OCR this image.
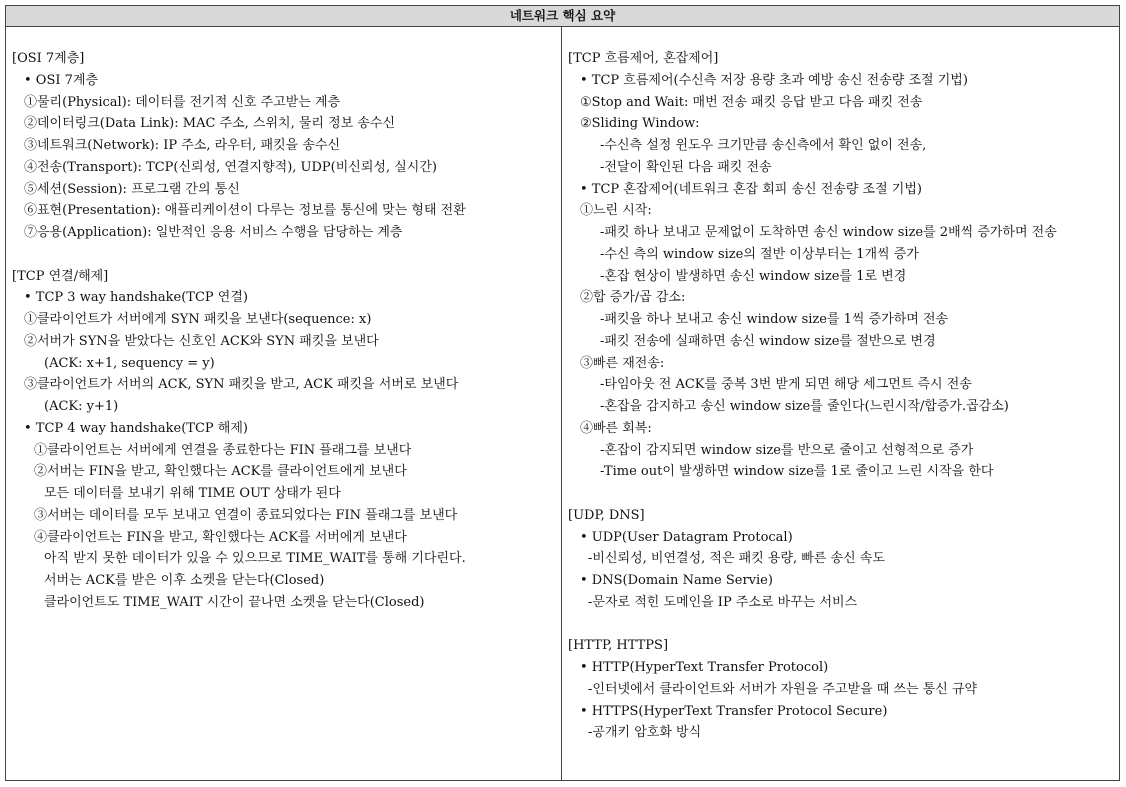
네트워크 핵심 요약
[OSI 7계층]
• OSI 7계층
①물리(Physical): 데이터를 전기적 신호 주고받는 계층
②데이터링크(Data Link): MAC 주소, 스위치, 물리 정보 송수신
③네트워크(Network): IP 주소, 라우터, 패킷을 송수신
④전송(Transport): TCP(신뢰성, 연결지향적), UDP(비신뢰성, 실시간)
⑤세션(Session): 프로그램 간의 통신
⑥표현(Presentation): 애플리케이션이 다루는 정보를 통신에 맞는 형태 전환
⑦응용(Application): 일반적인 응용 서비스 수행을 담당하는 계층
[TCP 연결/해제]
• TCP 3 way handshake(TCP 연결)
①클라이언트가 서버에게 SYN 패킷을 보낸다(sequence: x)
②서버가 SYN을 받았다는 신호인 ACK와 SYN 패킷을 보낸다
(ACK: x+1, sequency = y)
③클라이언트가 서버의 ACK, SYN 패킷을 받고, ACK 패킷을 서버로 보낸다
(ACK: y+1)
• TCP 4 way handshake(TCP 해제)
①클라이언트는 서버에게 연결을 종료한다는 FIN 플래그를 보낸다
②서버는 FIN을 받고, 확인했다는 ACK를 클라이언트에게 보낸다
모든 데이터를 보내기 위해 TIME OUT 상태가 된다
③서버는 데이터를 모두 보내고 연결이 종료되었다는 FIN 플래그를 보낸다
④클라이언트는 FIN을 받고, 확인했다는 ACK를 서버에게 보낸다
아직 받지 못한 데이터가 있을 수 있으므로 TIME_WAIT를 통해 기다린다.
서버는 ACK를 받은 이후 소켓을 닫는다(Closed)
클라이언트도 TIME_WAIT 시간이 끝나면 소켓을 닫는다(Closed)
[TCP 흐름제어, 혼잡제어]
• TCP 흐름제어(수신측 저장 용량 초과 예방 송신 전송량 조절 기법)
①Stop and Wait: 매번 전송 패킷 응답 받고 다음 패킷 전송
②Sliding Window:
-수신측 설정 윈도우 크기만큼 송신측에서 확인 없이 전송,
-전달이 확인된 다음 패킷 전송
• TCP 혼잡제어(네트워크 혼잡 회피 송신 전송량 조절 기법)
①느린 시작:
-패킷 하나 보내고 문제없이 도착하면 송신 window size를 2배씩 증가하며 전송
-수신 측의 window size의 절반 이상부터는 1개씩 증가
-혼잡 현상이 발생하면 송신 window size를 1로 변경
②합 증가/곱 감소:
-패킷을 하나 보내고 송신 window size를 1씩 증가하며 전송
-패킷 전송에 실패하면 송신 window size를 절반으로 변경
③빠른 재전송:
-타임아웃 전 ACK를 중복 3번 받게 되면 해당 세그먼트 즉시 전송
-혼잡을 감지하고 송신 window size를 줄인다(느린시작/합증가.곱감소)
④빠른 회복:
-혼잡이 감지되면 window size를 반으로 줄이고 선형적으로 증가
-Time out이 발생하면 window size를 1로 줄이고 느린 시작을 한다
[UDP, DNS]
• UDP(User Datagram Protocal)
-비신뢰성, 비연결성, 적은 패킷 용량, 빠른 송신 속도
• DNS(Domain Name Servie)
-문자로 적힌 도메인을 IP 주소로 바꾸는 서비스
[HTTP, HTTPS]
• HTTP(HyperText Transfer Protocol)
-인터넷에서 클라이언트와 서버가 자원을 주고받을 때 쓰는 통신 규약
• HTTPS(HyperText Transfer Protocol Secure)
-공개키 암호화 방식
